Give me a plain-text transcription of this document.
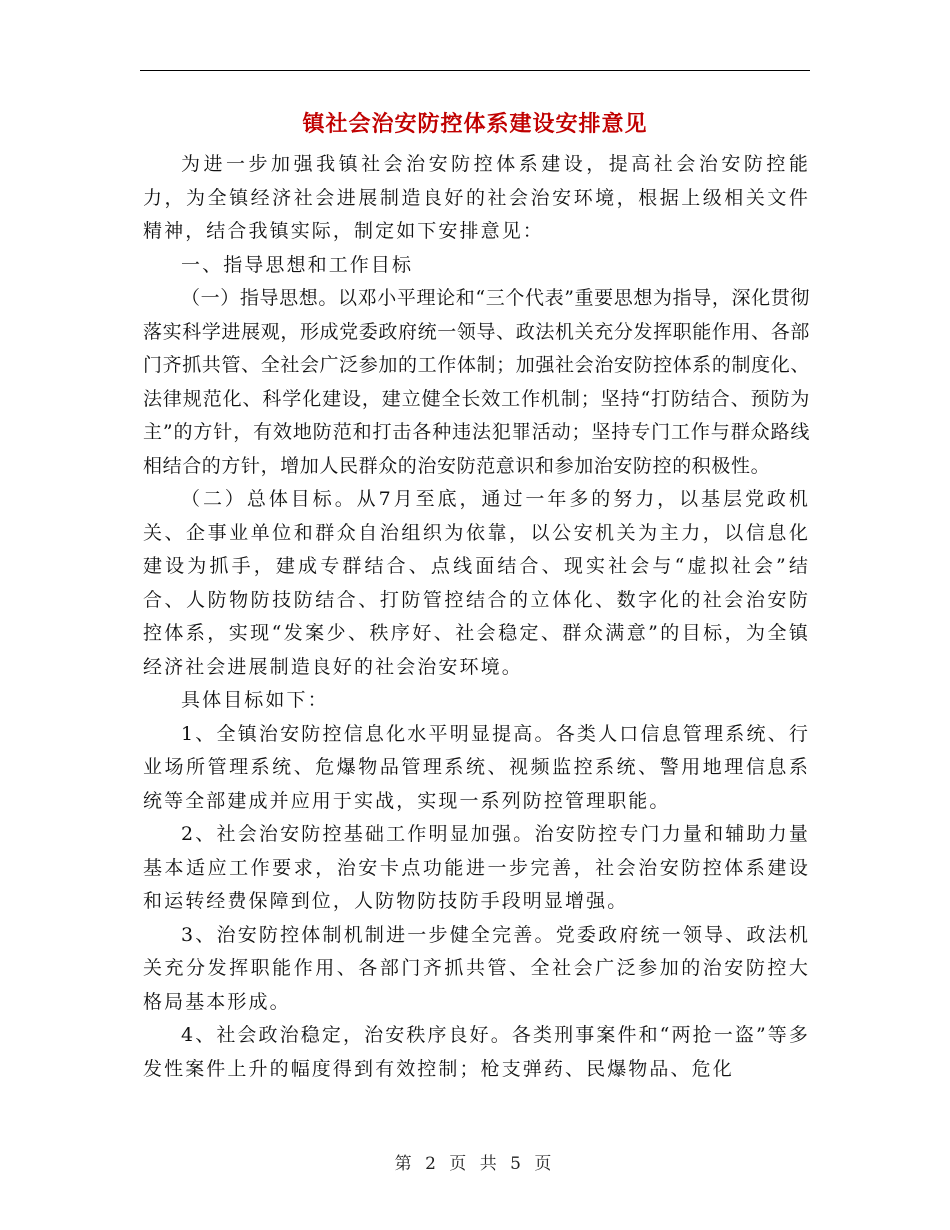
镇社会治安防控体系建设安排意见

为进一步加强我镇社会治安防控体系建设，提高社会治安防控能力，为全镇经济社会进展制造良好的社会治安环境，根据上级相关文件精神，结合我镇实际，制定如下安排意见：

一、指导思想和工作目标

（一）指导思想。以邓小平理论和“三个代表”重要思想为指导，深化贯彻落实科学进展观，形成党委政府统一领导、政法机关充分发挥职能作用、各部门齐抓共管、全社会广泛参加的工作体制；加强社会治安防控体系的制度化、法律规范化、科学化建设，建立健全长效工作机制；坚持“打防结合、预防为主”的方针，有效地防范和打击各种违法犯罪活动；坚持专门工作与群众路线相结合的方针，增加人民群众的治安防范意识和参加治安防控的积极性。

（二）总体目标。从7月至底，通过一年多的努力，以基层党政机关、企事业单位和群众自治组织为依靠，以公安机关为主力，以信息化建设为抓手，建成专群结合、点线面结合、现实社会与“虚拟社会”结合、人防物防技防结合、打防管控结合的立体化、数字化的社会治安防控体系，实现“发案少、秩序好、社会稳定、群众满意”的目标，为全镇经济社会进展制造良好的社会治安环境。

具体目标如下：

1、全镇治安防控信息化水平明显提高。各类人口信息管理系统、行业场所管理系统、危爆物品管理系统、视频监控系统、警用地理信息系统等全部建成并应用于实战，实现一系列防控管理职能。

2、社会治安防控基础工作明显加强。治安防控专门力量和辅助力量基本适应工作要求，治安卡点功能进一步完善，社会治安防控体系建设和运转经费保障到位，人防物防技防手段明显增强。

3、治安防控体制机制进一步健全完善。党委政府统一领导、政法机关充分发挥职能作用、各部门齐抓共管、全社会广泛参加的治安防控大格局基本形成。

4、社会政治稳定，治安秩序良好。各类刑事案件和“两抢一盗”等多发性案件上升的幅度得到有效控制；枪支弹药、民爆物品、危化

第 2 页 共 5 页
